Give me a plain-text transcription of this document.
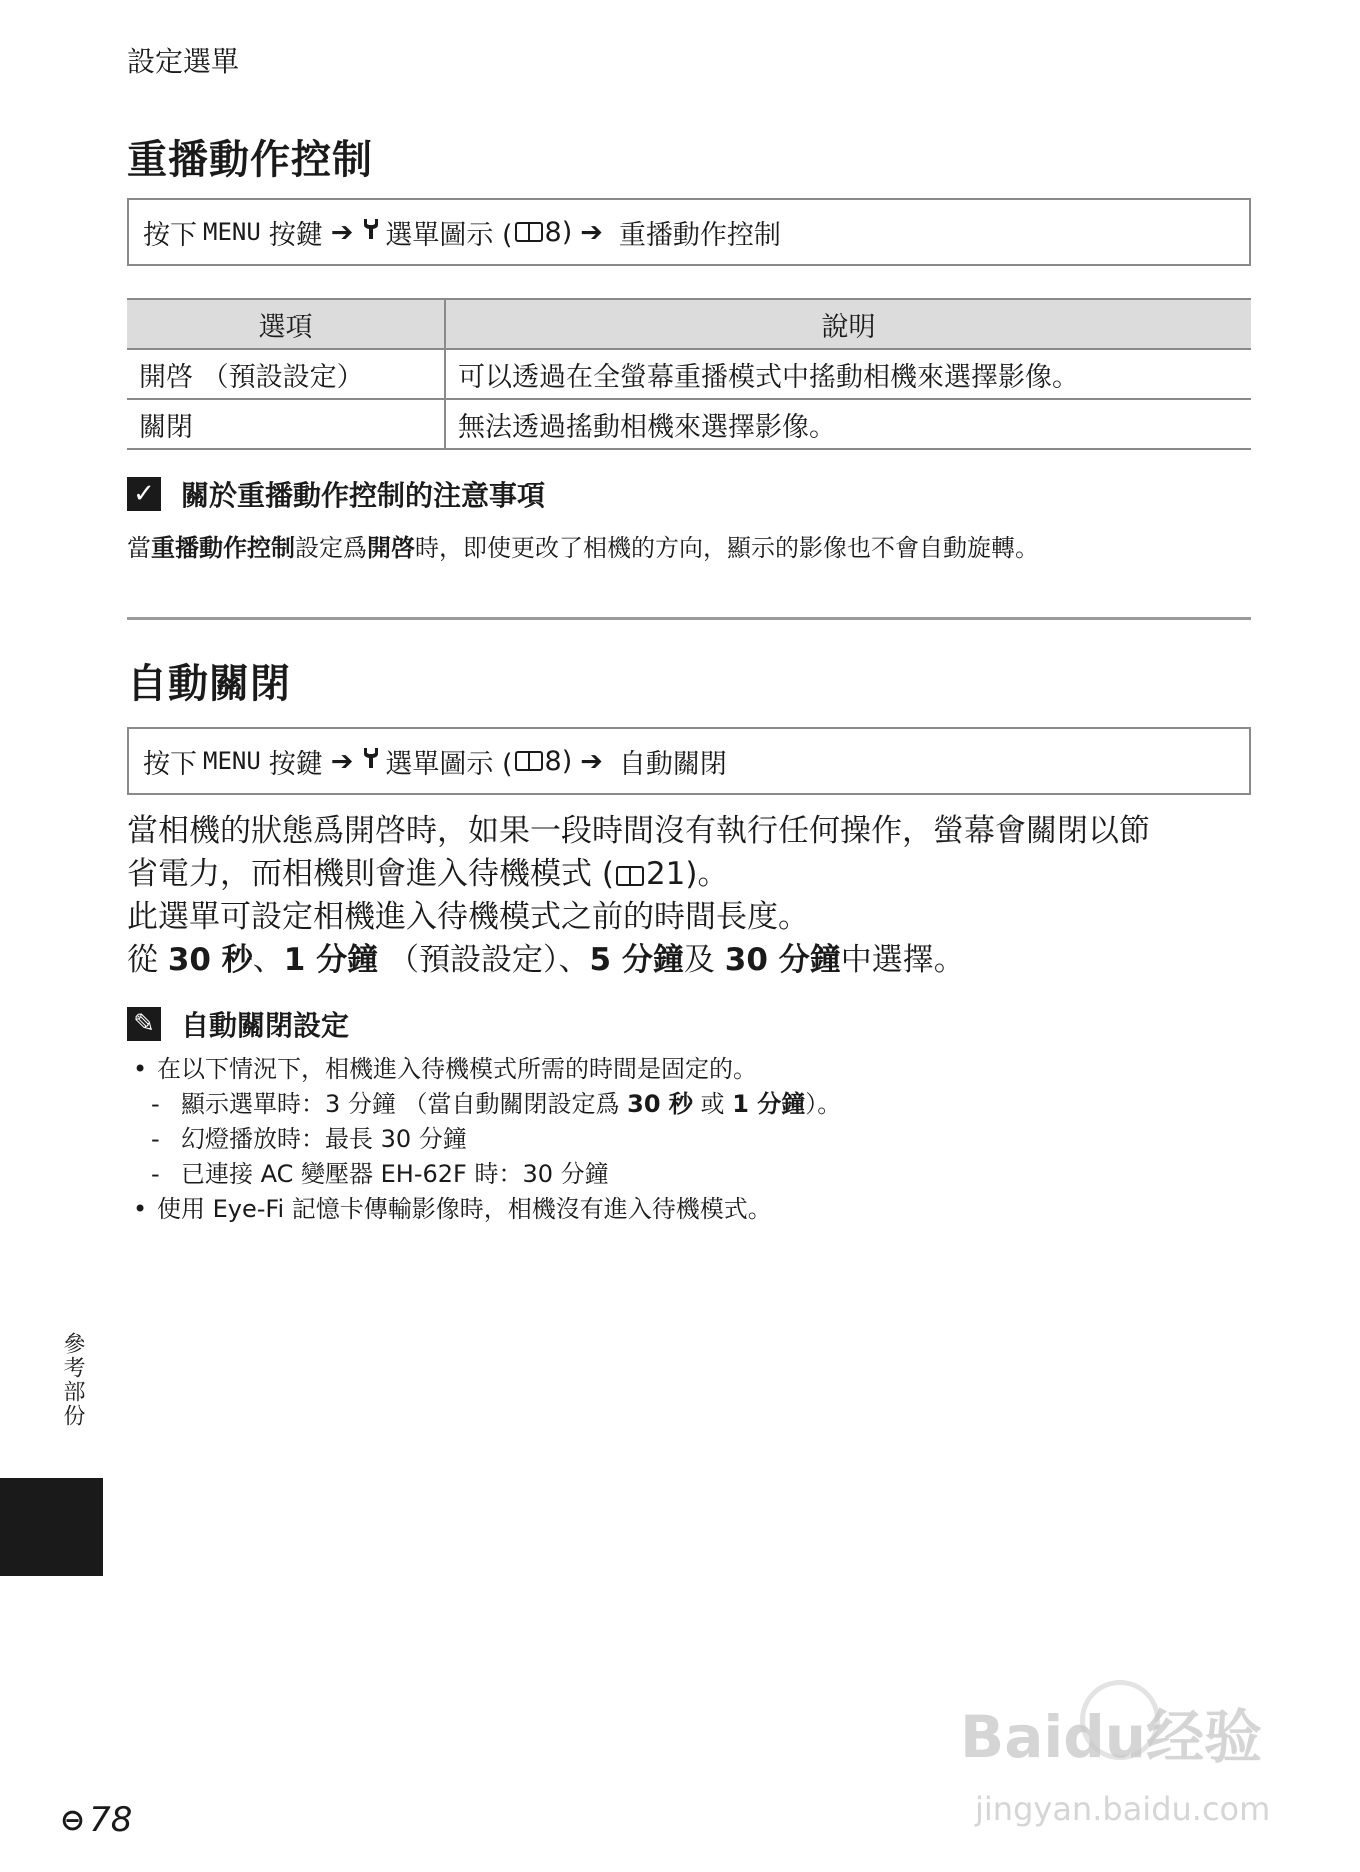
設定選單
重播動作控制
按下 MENU 按鍵 ➔ 選單圖示 ( 8) ➔ 重播動作控制
選項	說明
開啓 （預設設定）	可以透過在全螢幕重播模式中搖動相機來選擇影像。
關閉	無法透過搖動相機來選擇影像。
✓ 關於重播動作控制的注意事項
當重播動作控制設定爲開啓時，即使更改了相機的方向，顯示的影像也不會自動旋轉。
自動關閉
按下 MENU 按鍵 ➔ 選單圖示 ( 8) ➔ 自動關閉
當相機的狀態爲開啓時，如果一段時間沒有執行任何操作，螢幕會關閉以節
省電力，而相機則會進入待機模式 ( 21)。
此選單可設定相機進入待機模式之前的時間長度。
從 30 秒、1 分鐘 （預設設定）、5 分鐘及 30 分鐘中選擇。
✎ 自動關閉設定
• 在以下情況下，相機進入待機模式所需的時間是固定的。
- 顯示選單時：3 分鐘 （當自動關閉設定爲 30 秒 或 1 分鐘）。
- 幻燈播放時：最長 30 分鐘
- 已連接 AC 變壓器 EH-62F 時：30 分鐘
• 使用 Eye-Fi 記憶卡傳輸影像時，相機沒有進入待機模式。
參考部份
⊖ 78
Baidu经验
jingyan.baidu.com
